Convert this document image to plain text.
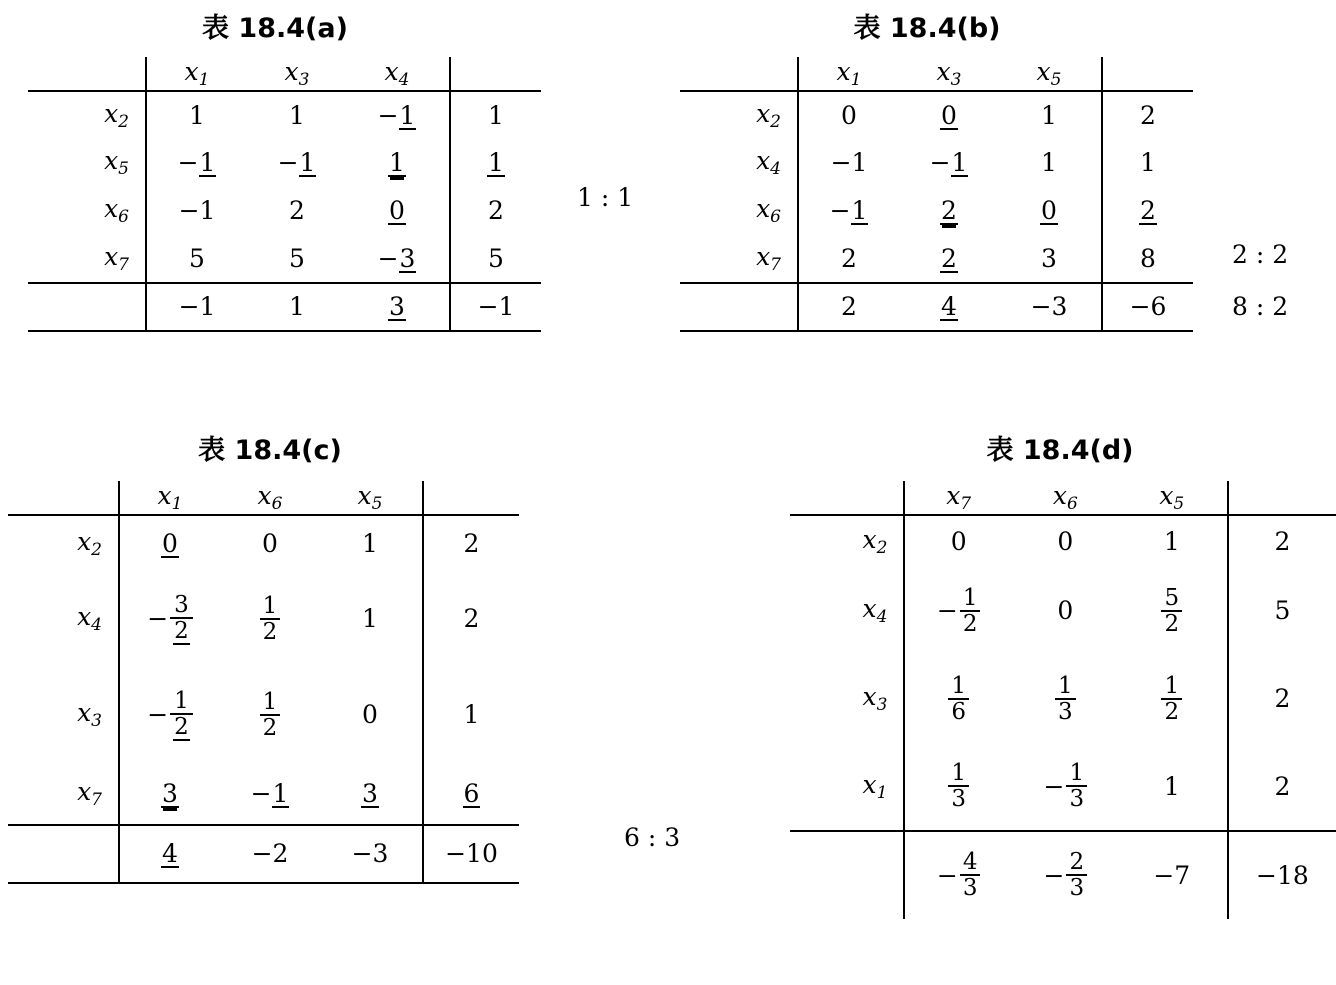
表 18.4(a)
		$x_1$	$x_3$	$x_4$		
$x_2$		1	1	−1		1
$x_5$		−1	−1	1		1
$x_6$		−1	2	0		2
$x_7$		5	5	−3		5
		−1	1	3		−1
1 : 1
表 18.4(b)
		$x_1$	$x_3$	$x_5$		
$x_2$		0	0	1		2
$x_4$		−1	−1	1		1
$x_6$		−1	2	0		2
$x_7$		2	2	3		8
		2	4	−3		−6
2 : 2
8 : 2
表 18.4(c)
		$x_1$	$x_6$	$x_5$		
$x_2$		0	0	1		2
$x_4$		− $\frac{3}{2}$	$\frac{1}{2}$	1		2
$x_3$		− $\frac{1}{2}$	$\frac{1}{2}$	0		1
$x_7$		3	−1	3		6
		4	−2	−3		−10
6 : 3
表 18.4(d)
		$x_7$	$x_6$	$x_5$		
$x_2$		0	0	1		2
$x_4$		− $\frac{1}{2}$	0	$\frac{5}{2}$		5
$x_3$		$\frac{1}{6}$	$\frac{1}{3}$	$\frac{1}{2}$		2
$x_1$		$\frac{1}{3}$	− $\frac{1}{3}$	1		2

		− $\frac{4}{3}$	− $\frac{2}{3}$	−7		−18
